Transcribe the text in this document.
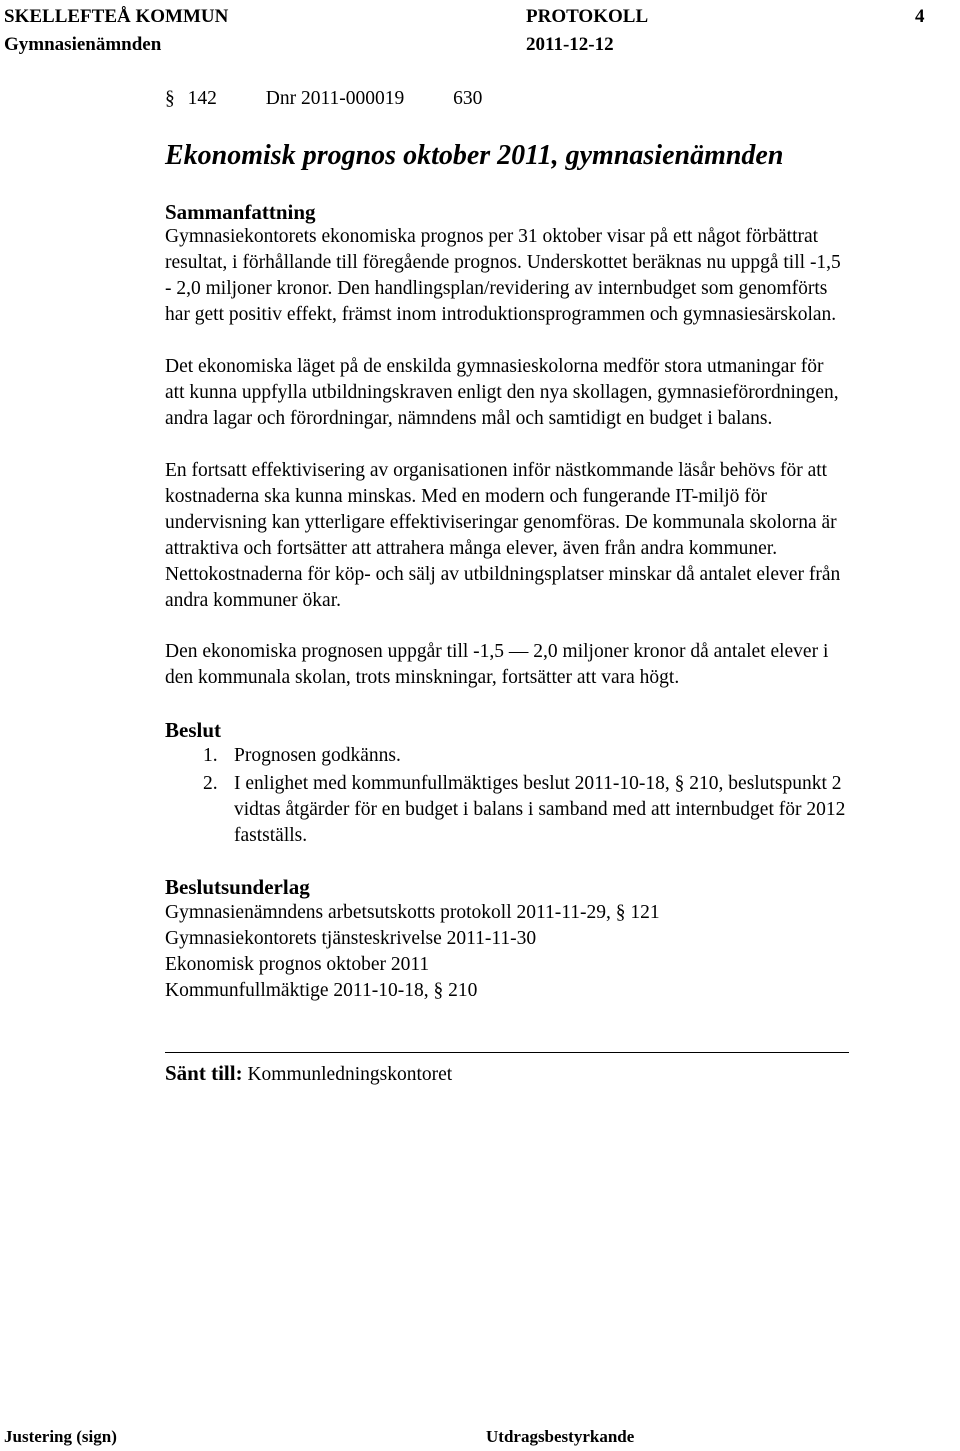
SKELLEFTEÅ KOMMUN	PROTOKOLL	4
Gymnasienämnden	2011-12-12
§ 142	Dnr 2011-000019	630
Ekonomisk prognos oktober 2011, gymnasienämnden
Sammanfattning
Gymnasiekontorets ekonomiska prognos per 31 oktober visar på ett något förbättrat
resultat, i förhållande till föregående prognos. Underskottet beräknas nu uppgå till -1,5
- 2,0 miljoner kronor. Den handlingsplan/revidering av internbudget som genomförts
har gett positiv effekt, främst inom introduktionsprogrammen och gymnasiesärskolan.
Det ekonomiska läget på de enskilda gymnasieskolorna medför stora utmaningar för
att kunna uppfylla utbildningskraven enligt den nya skollagen, gymnasieförordningen,
andra lagar och förordningar, nämndens mål och samtidigt en budget i balans.
En fortsatt effektivisering av organisationen inför nästkommande läsår behövs för att
kostnaderna ska kunna minskas. Med en modern och fungerande IT-miljö för
undervisning kan ytterligare effektiviseringar genomföras. De kommunala skolorna är
attraktiva och fortsätter att attrahera många elever, även från andra kommuner.
Nettokostnaderna för köp- och sälj av utbildningsplatser minskar då antalet elever från
andra kommuner ökar.
Den ekonomiska prognosen uppgår till -1,5 — 2,0 miljoner kronor då antalet elever i
den kommunala skolan, trots minskningar, fortsätter att vara högt.
Beslut
1. Prognosen godkänns.
2. I enlighet med kommunfullmäktiges beslut 2011-10-18, § 210, beslutspunkt 2
vidtas åtgärder för en budget i balans i samband med att internbudget för 2012
fastställs.
Beslutsunderlag
Gymnasienämndens arbetsutskotts protokoll 2011-11-29, § 121
Gymnasiekontorets tjänsteskrivelse 2011-11-30
Ekonomisk prognos oktober 2011
Kommunfullmäktige 2011-10-18, § 210
Sänt till: Kommunledningskontoret
Justering (sign)	Utdragsbestyrkande
